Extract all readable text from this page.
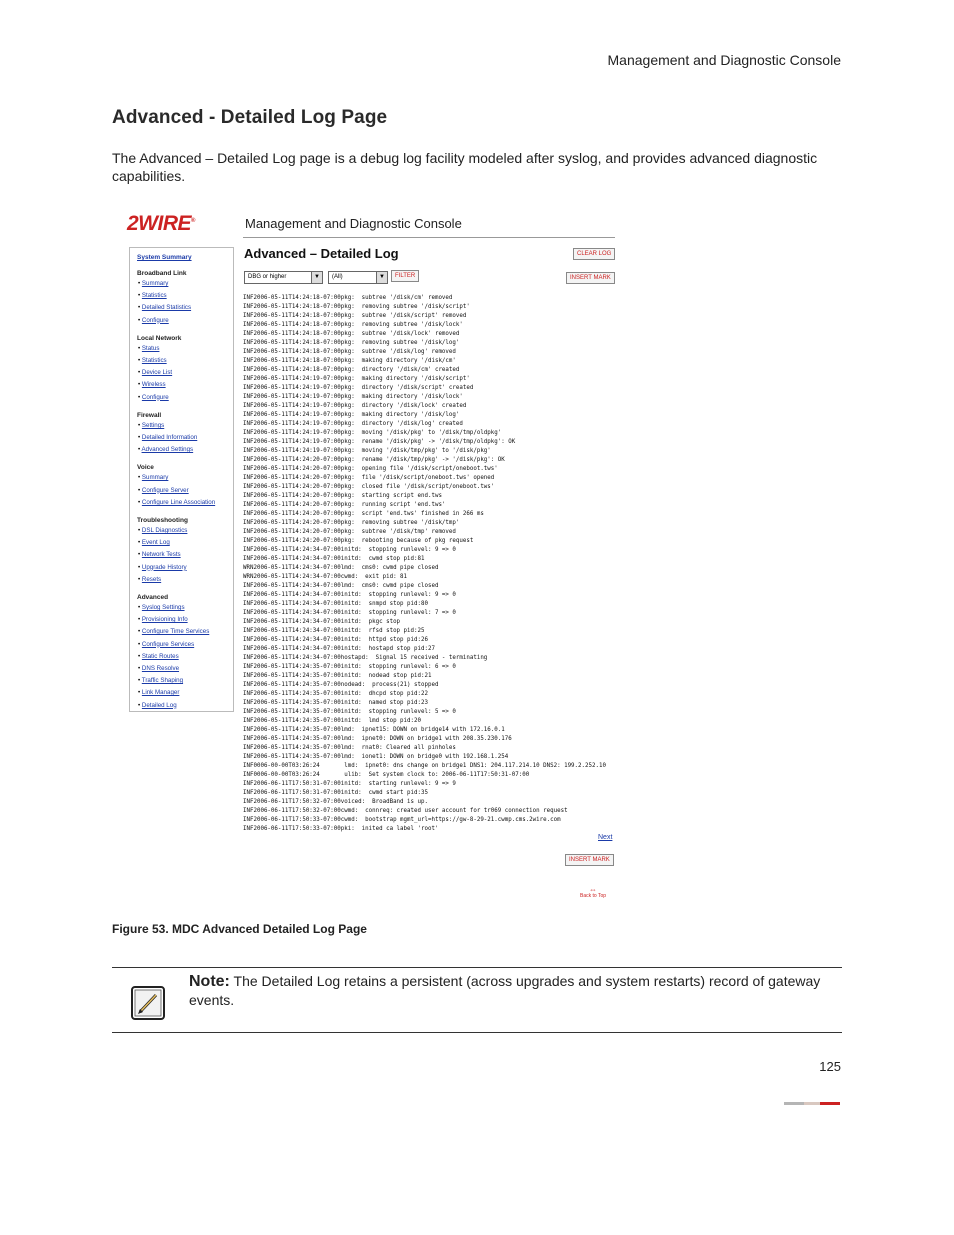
Management and Diagnostic Console
Advanced - Detailed Log Page
The Advanced – Detailed Log page is a debug log facility modeled after syslog, and provides advanced diagnostic capabilities.
2WIRE®	Management and Diagnostic Console
System Summary
Broadband Link
• Summary
• Statistics
• Detailed Statistics
• Configure
Local Network
• Status
• Statistics
• Device List
• Wireless
• Configure
Firewall
• Settings
• Detailed Information
• Advanced Settings
Voice
• Summary
• Configure Server
• Configure Line Association
Troubleshooting
• DSL Diagnostics
• Event Log
• Network Tests
• Upgrade History
• Resets
Advanced
• Syslog Settings
• Provisioning Info
• Configure Time Services
• Configure Services
• Static Routes
• DNS Resolve
• Traffic Shaping
• Link Manager
• Detailed Log
Advanced – Detailed Log	CLEAR LOG
DBG or higher	▼	(All)	▼	FILTER	INSERT MARK
INF2006-05-11T14:24:18-07:00pkg:  subtree '/disk/cm' removed
INF2006-05-11T14:24:18-07:00pkg:  removing subtree '/disk/script'
INF2006-05-11T14:24:18-07:00pkg:  subtree '/disk/script' removed
INF2006-05-11T14:24:18-07:00pkg:  removing subtree '/disk/lock'
INF2006-05-11T14:24:18-07:00pkg:  subtree '/disk/lock' removed
INF2006-05-11T14:24:18-07:00pkg:  removing subtree '/disk/log'
INF2006-05-11T14:24:18-07:00pkg:  subtree '/disk/log' removed
INF2006-05-11T14:24:18-07:00pkg:  making directory '/disk/cm'
INF2006-05-11T14:24:18-07:00pkg:  directory '/disk/cm' created
INF2006-05-11T14:24:19-07:00pkg:  making directory '/disk/script'
INF2006-05-11T14:24:19-07:00pkg:  directory '/disk/script' created
INF2006-05-11T14:24:19-07:00pkg:  making directory '/disk/lock'
INF2006-05-11T14:24:19-07:00pkg:  directory '/disk/lock' created
INF2006-05-11T14:24:19-07:00pkg:  making directory '/disk/log'
INF2006-05-11T14:24:19-07:00pkg:  directory '/disk/log' created
INF2006-05-11T14:24:19-07:00pkg:  moving '/disk/pkg' to '/disk/tmp/oldpkg'
INF2006-05-11T14:24:19-07:00pkg:  rename '/disk/pkg' -> '/disk/tmp/oldpkg': OK
INF2006-05-11T14:24:19-07:00pkg:  moving '/disk/tmp/pkg' to '/disk/pkg'
INF2006-05-11T14:24:20-07:00pkg:  rename '/disk/tmp/pkg' -> '/disk/pkg': OK
INF2006-05-11T14:24:20-07:00pkg:  opening file '/disk/script/oneboot.tws'
INF2006-05-11T14:24:20-07:00pkg:  file '/disk/script/oneboot.tws' opened
INF2006-05-11T14:24:20-07:00pkg:  closed file '/disk/script/oneboot.tws'
INF2006-05-11T14:24:20-07:00pkg:  starting script end.tws
INF2006-05-11T14:24:20-07:00pkg:  running script 'end.tws'
INF2006-05-11T14:24:20-07:00pkg:  script 'end.tws' finished in 266 ms
INF2006-05-11T14:24:20-07:00pkg:  removing subtree '/disk/tmp'
INF2006-05-11T14:24:20-07:00pkg:  subtree '/disk/tmp' removed
INF2006-05-11T14:24:20-07:00pkg:  rebooting because of pkg request
INF2006-05-11T14:24:34-07:00initd:  stopping runlevel: 9 => 0
INF2006-05-11T14:24:34-07:00initd:  cwmd stop pid:81
WRN2006-05-11T14:24:34-07:00lmd:  cms0: cwmd pipe closed
WRN2006-05-11T14:24:34-07:00cwmd:  exit pid: 81
INF2006-05-11T14:24:34-07:00lmd:  cms0: cwmd pipe closed
INF2006-05-11T14:24:34-07:00initd:  stopping runlevel: 9 => 0
INF2006-05-11T14:24:34-07:00initd:  snmpd stop pid:80
INF2006-05-11T14:24:34-07:00initd:  stopping runlevel: 7 => 0
INF2006-05-11T14:24:34-07:00initd:  pkgc stop
INF2006-05-11T14:24:34-07:00initd:  rfsd stop pid:25
INF2006-05-11T14:24:34-07:00initd:  httpd stop pid:26
INF2006-05-11T14:24:34-07:00initd:  hostapd stop pid:27
INF2006-05-11T14:24:34-07:00hostapd:  Signal 15 received - terminating
INF2006-05-11T14:24:35-07:00initd:  stopping runlevel: 6 => 0
INF2006-05-11T14:24:35-07:00initd:  nodead stop pid:21
INF2006-05-11T14:24:35-07:00nodead:  process(21) stopped
INF2006-05-11T14:24:35-07:00initd:  dhcpd stop pid:22
INF2006-05-11T14:24:35-07:00initd:  named stop pid:23
INF2006-05-11T14:24:35-07:00initd:  stopping runlevel: 5 => 0
INF2006-05-11T14:24:35-07:00initd:  lmd stop pid:20
INF2006-05-11T14:24:35-07:00lmd:  ipnet15: DOWN on bridge14 with 172.16.0.1
INF2006-05-11T14:24:35-07:00lmd:  ipnet0: DOWN on bridge1 with 208.35.230.176
INF2006-05-11T14:24:35-07:00lmd:  rnat0: Cleared all pinholes
INF2006-05-11T14:24:35-07:00lmd:  ionet1: DOWN on bridge0 with 192.168.1.254
INF0006-00-00T03:26:24       lmd:  ipnet0: dns change on bridge1 DNS1: 204.117.214.10 DNS2: 199.2.252.10
INF0006-00-00T03:26:24       ulib:  Set system clock to: 2006-06-11T17:50:31-07:00
INF2006-06-11T17:50:31-07:00initd:  starting runlevel: 9 => 9
INF2006-06-11T17:50:31-07:00initd:  cwmd start pid:35
INF2006-06-11T17:50:32-07:00voiced:  BroadBand is up.
INF2006-06-11T17:50:32-07:00cwmd:  connreq: created user account for tr069 connection request
INF2006-06-11T17:50:33-07:00cwmd:  bootstrap mgmt_url=https://gw-8-29-21.cwmp.cms.2wire.com
INF2006-06-11T17:50:33-07:00pki:  inited ca label 'root'
Next
INSERT MARK
⇔
Back to Top
Figure 53. MDC Advanced Detailed Log Page
Note: The Detailed Log retains a persistent (across upgrades and system restarts) record of gateway events.
125
